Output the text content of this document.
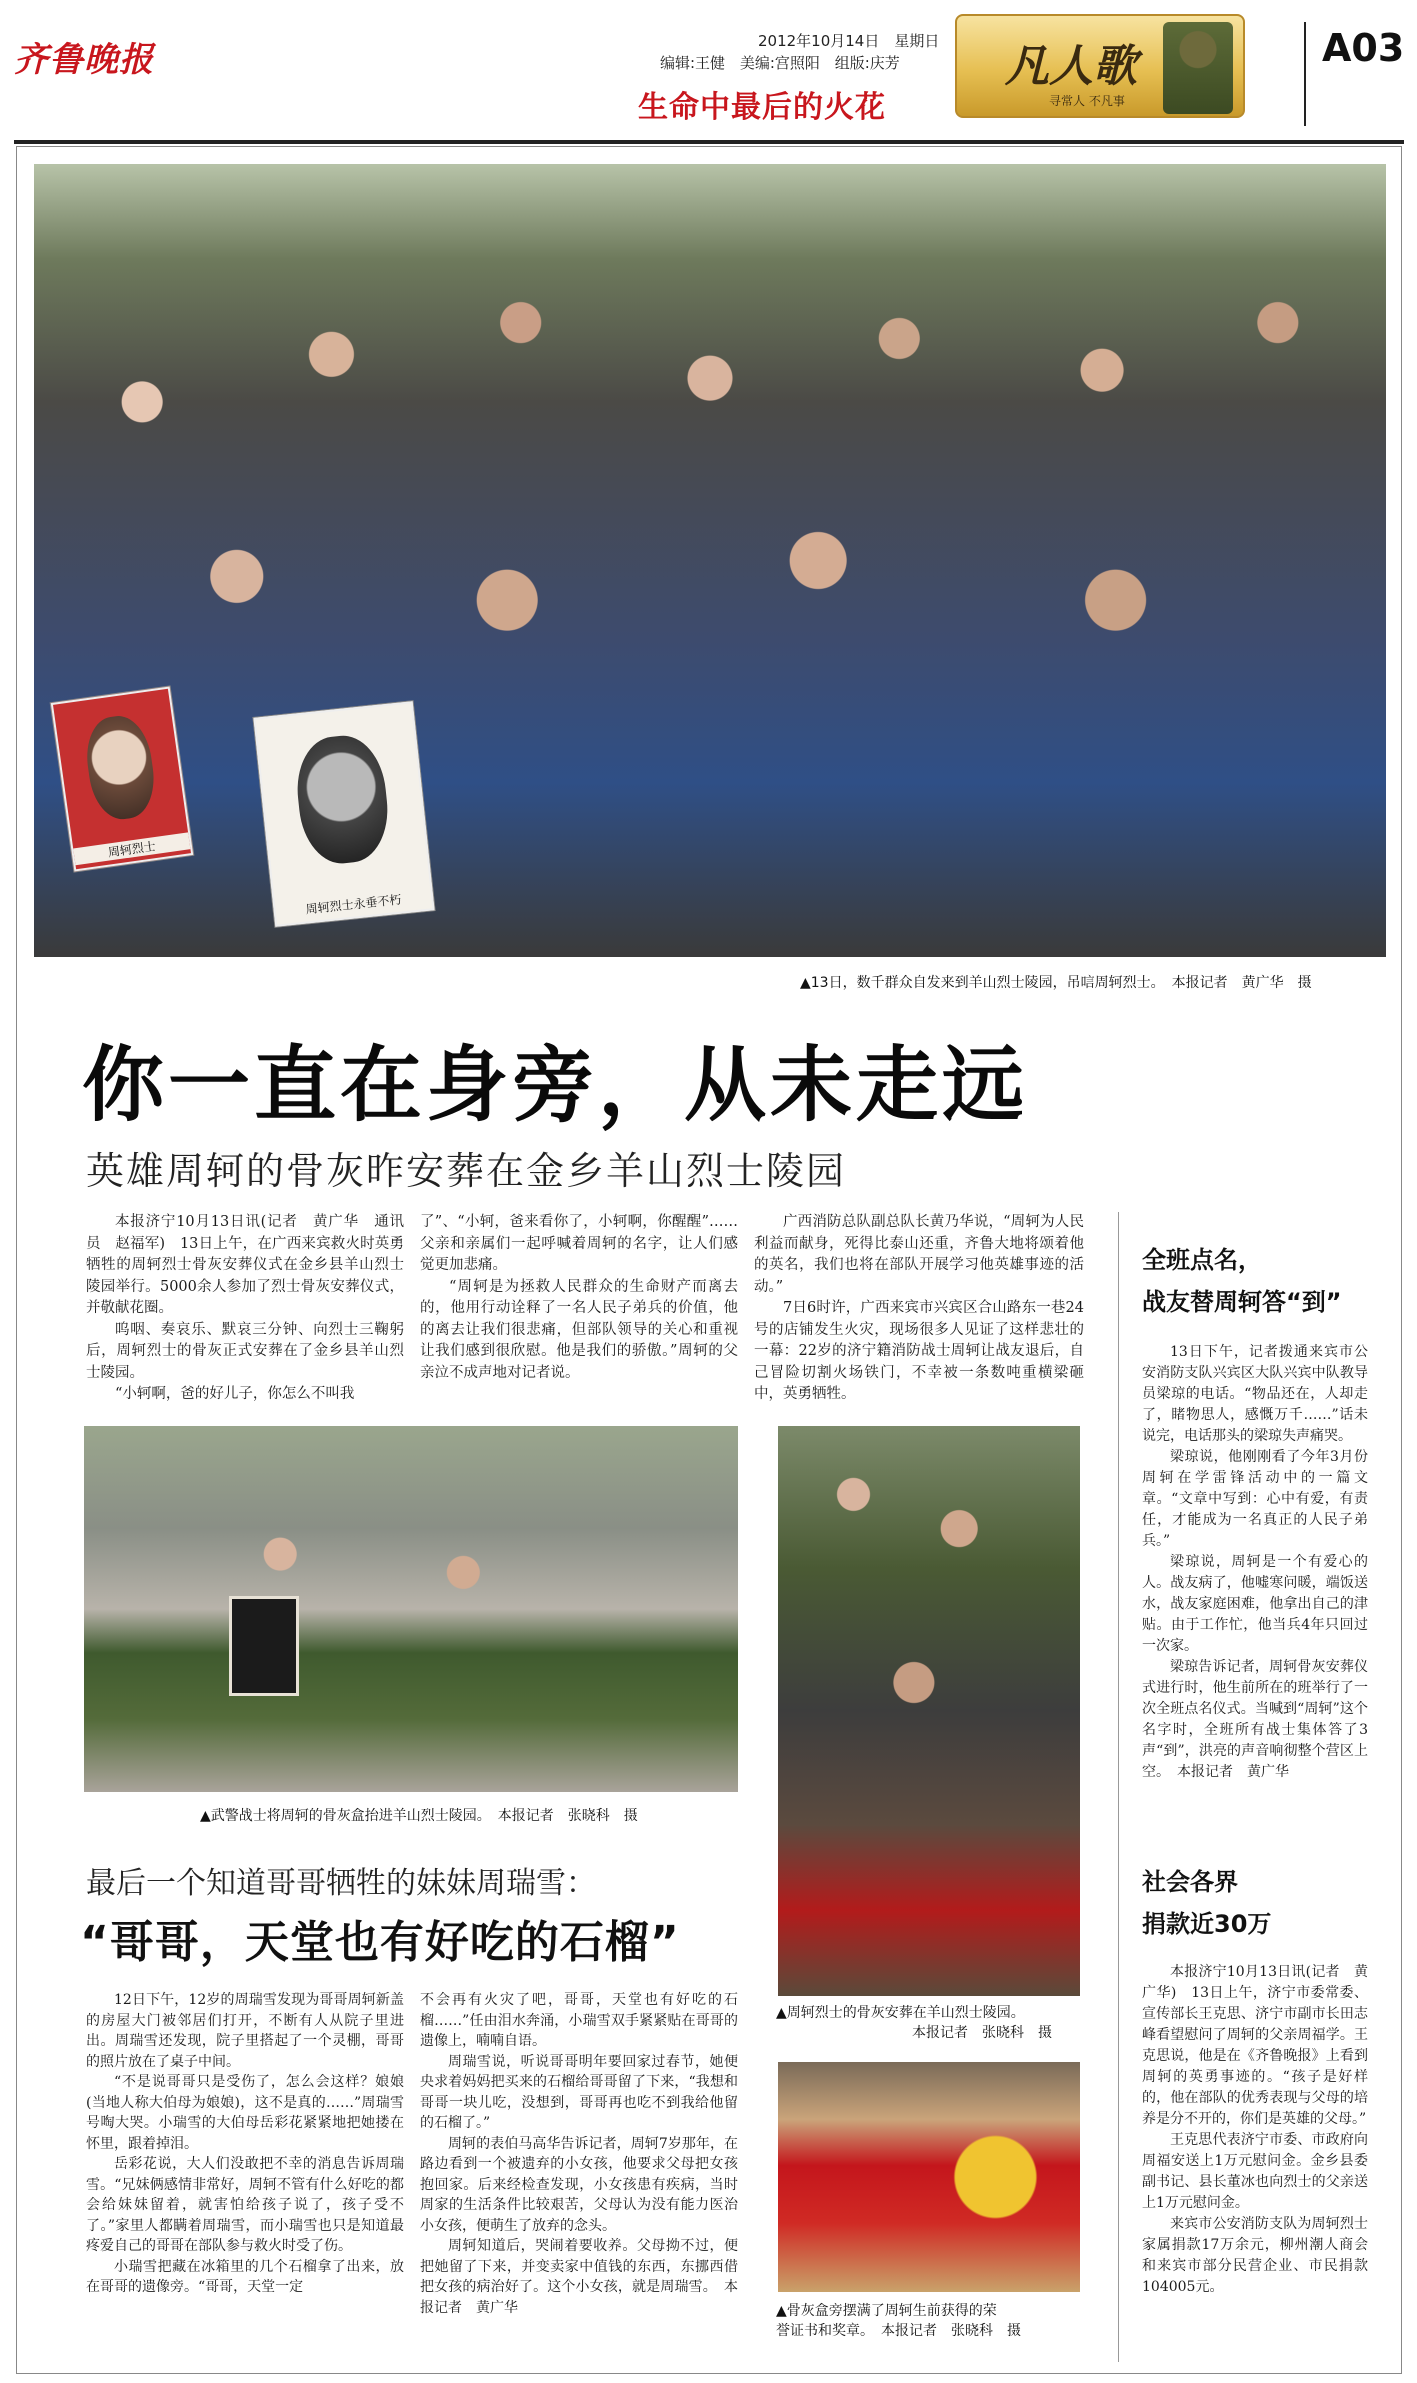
齐鲁晚报	2012年10月14日　星期日
编辑:王健 美编:宫照阳 组版:庆芳
生命中最后的火花
凡人歌
寻常人 不凡事
A03
周轲烈士
周轲烈士永垂不朽
▲13日，数千群众自发来到羊山烈士陵园，吊唁周轲烈士。　本报记者　黄广华　摄
你一直在身旁，从未走远
英雄周轲的骨灰昨安葬在金乡羊山烈士陵园

本报济宁10月13日讯(记者　黄广华　通讯员　赵福军)　13日上午，在广西来宾救火时英勇牺牲的周轲烈士骨灰安葬仪式在金乡县羊山烈士陵园举行。5000余人参加了烈士骨灰安葬仪式，并敬献花圈。

呜咽、奏哀乐、默哀三分钟、向烈士三鞠躬后，周轲烈士的骨灰正式安葬在了金乡县羊山烈士陵园。

“小轲啊，爸的好儿子，你怎么不叫我

了”、“小轲，爸来看你了，小轲啊，你醒醒”……父亲和亲属们一起呼喊着周轲的名字，让人们感觉更加悲痛。

“周轲是为拯救人民群众的生命财产而离去的，他用行动诠释了一名人民子弟兵的价值，他的离去让我们很悲痛，但部队领导的关心和重视让我们感到很欣慰。他是我们的骄傲。”周轲的父亲泣不成声地对记者说。

广西消防总队副总队长黄乃华说，“周轲为人民利益而献身，死得比泰山还重，齐鲁大地将颂着他的英名，我们也将在部队开展学习他英雄事迹的活动。”

7日6时许，广西来宾市兴宾区合山路东一巷24号的店铺发生火灾，现场很多人见证了这样悲壮的一幕：22岁的济宁籍消防战士周轲让战友退后，自己冒险切割火场铁门，不幸被一条数吨重横梁砸中，英勇牺牲。

全班点名，
战友替周轲答“到”

13日下午，记者拨通来宾市公安消防支队兴宾区大队兴宾中队教导员梁琼的电话。“物品还在，人却走了，睹物思人，感慨万千……”话未说完，电话那头的梁琼失声痛哭。

梁琼说，他刚刚看了今年3月份周轲在学雷锋活动中的一篇文章。“文章中写到：心中有爱，有责任，才能成为一名真正的人民子弟兵。”

梁琼说，周轲是一个有爱心的人。战友病了，他嘘寒问暖，端饭送水，战友家庭困难，他拿出自己的津贴。由于工作忙，他当兵4年只回过一次家。

梁琼告诉记者，周轲骨灰安葬仪式进行时，他生前所在的班举行了一次全班点名仪式。当喊到“周轲”这个名字时，全班所有战士集体答了3声“到”，洪亮的声音响彻整个营区上空。　本报记者　黄广华

社会各界
捐款近30万

本报济宁10月13日讯(记者　黄广华)　13日上午，济宁市委常委、宣传部长王克思、济宁市副市长田志峰看望慰问了周轲的父亲周福学。王克思说，他是在《齐鲁晚报》上看到周轲的英勇事迹的。“孩子是好样的，他在部队的优秀表现与父母的培养是分不开的，你们是英雄的父母。”

王克思代表济宁市委、市政府向周福安送上1万元慰问金。金乡县委副书记、县长董冰也向烈士的父亲送上1万元慰问金。

来宾市公安消防支队为周轲烈士家属捐款17万余元，柳州潮人商会和来宾市部分民营企业、市民捐款104005元。

▲武警战士将周轲的骨灰盒抬进羊山烈士陵园。　本报记者　张晓科　摄
▲周轲烈士的骨灰安葬在羊山烈士陵园。
本报记者　张晓科　摄
▲骨灰盒旁摆满了周轲生前获得的荣
誉证书和奖章。　本报记者　张晓科　摄
最后一个知道哥哥牺牲的妹妹周瑞雪：
“哥哥，天堂也有好吃的石榴”

12日下午，12岁的周瑞雪发现为哥哥周轲新盖的房屋大门被邻居们打开，不断有人从院子里进出。周瑞雪还发现，院子里搭起了一个灵棚，哥哥的照片放在了桌子中间。

“不是说哥哥只是受伤了，怎么会这样？娘娘(当地人称大伯母为娘娘)，这不是真的……”周瑞雪号啕大哭。小瑞雪的大伯母岳彩花紧紧地把她搂在怀里，跟着掉泪。

岳彩花说，大人们没敢把不幸的消息告诉周瑞雪。“兄妹俩感情非常好，周轲不管有什么好吃的都会给妹妹留着，就害怕给孩子说了，孩子受不了。”家里人都瞒着周瑞雪，而小瑞雪也只是知道最疼爱自己的哥哥在部队参与救火时受了伤。

小瑞雪把藏在冰箱里的几个石榴拿了出来，放在哥哥的遗像旁。“哥哥，天堂一定

不会再有火灾了吧，哥哥，天堂也有好吃的石榴……”任由泪水奔涌，小瑞雪双手紧紧贴在哥哥的遗像上，喃喃自语。

周瑞雪说，听说哥哥明年要回家过春节，她便央求着妈妈把买来的石榴给哥哥留了下来，“我想和哥哥一块儿吃，没想到，哥哥再也吃不到我给他留的石榴了。”

周轲的表伯马高华告诉记者，周轲7岁那年，在路边看到一个被遗弃的小女孩，他要求父母把女孩抱回家。后来经检查发现，小女孩患有疾病，当时周家的生活条件比较艰苦，父母认为没有能力医治小女孩，便萌生了放弃的念头。

周轲知道后，哭闹着要收养。父母拗不过，便把她留了下来，并变卖家中值钱的东西，东挪西借把女孩的病治好了。这个小女孩，就是周瑞雪。　本报记者　黄广华
